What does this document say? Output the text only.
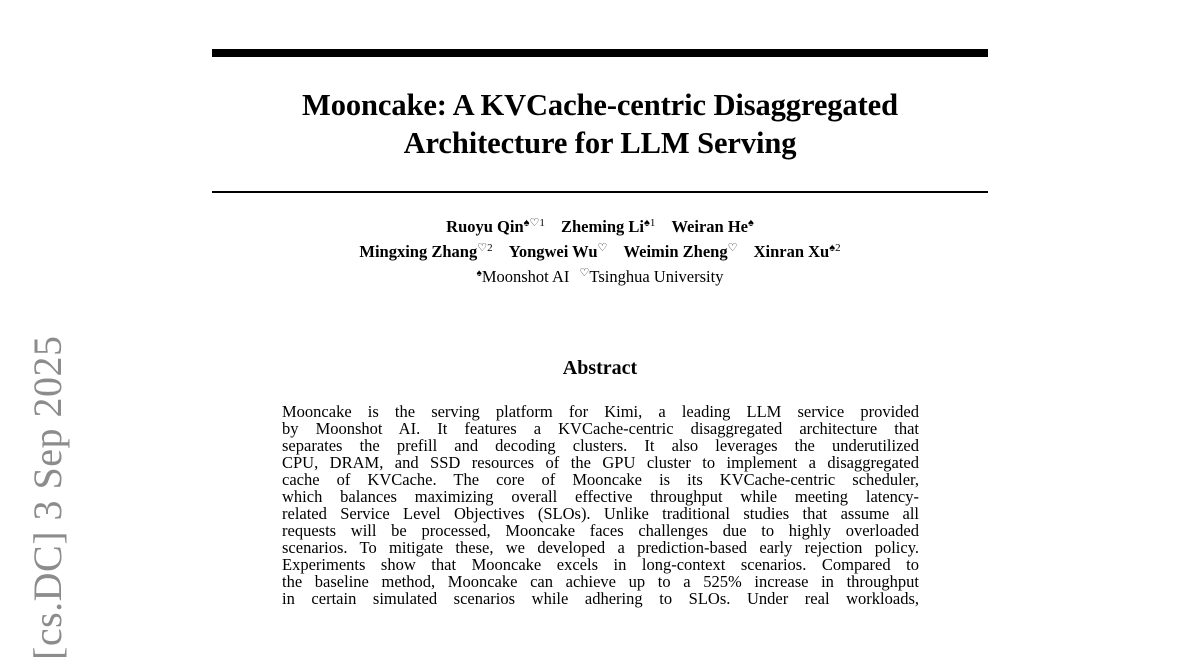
Mooncake: A KVCache-centric Disaggregated
Architecture for LLM Serving
Ruoyu Qin$^{♠♡1}$ Zheming Li$^{♠1}$ Weiran He♠
Mingxing Zhang$^{♡2}$ Yongwei Wu♡ Weimin Zheng♡ Xinran Xu$^{♠2}$
♠Moonshot AI ♡Tsinghua University
Abstract
Mooncake is the serving platform for Kimi, a leading LLM service provided
by Moonshot AI. It features a KVCache-centric disaggregated architecture that
separates the prefill and decoding clusters. It also leverages the underutilized
CPU, DRAM, and SSD resources of the GPU cluster to implement a disaggregated
cache of KVCache. The core of Mooncake is its KVCache-centric scheduler,
which balances maximizing overall effective throughput while meeting latency-
related Service Level Objectives (SLOs). Unlike traditional studies that assume all
requests will be processed, Mooncake faces challenges due to highly overloaded
scenarios. To mitigate these, we developed a prediction-based early rejection policy.
Experiments show that Mooncake excels in long-context scenarios. Compared to
the baseline method, Mooncake can achieve up to a 525% increase in throughput
in certain simulated scenarios while adhering to SLOs. Under real workloads,
[cs.DC] 3 Sep 2025
